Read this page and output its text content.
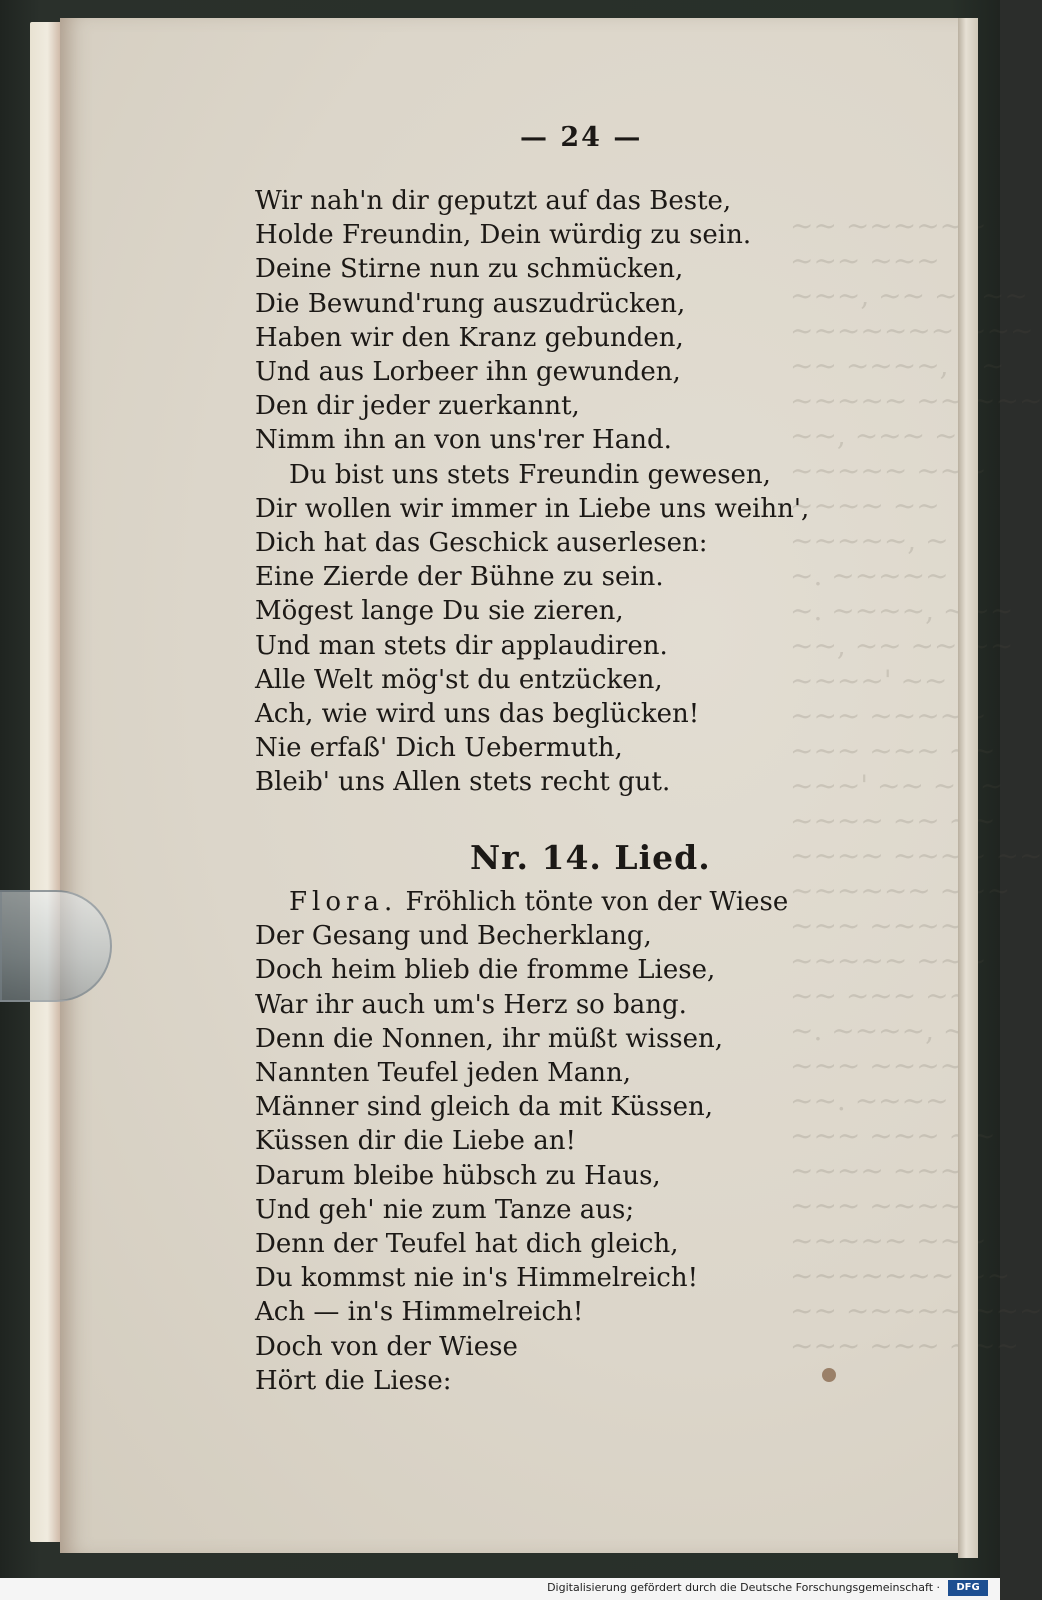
~~ ~~~~~~
~~~ ~~~
~~~, ~~ ~~~~
~~~~~~~ ~~~
~~ ~~~~, ~~
~~~~~ ~~ ~~~
~~, ~~~ ~~
~~~~~ ~~~
~~~~ ~~
~~~~~, ~
~. ~~~~~
~. ~~~~, ~~~
~~, ~~ ~~ ~~
~~~~' ~~
~~~ ~~~~~
~~~ ~~~ ~~
~~~' ~~ ~~~
~~~~ ~~ ~~
~~~~ ~~~~ ~~
~~~~~~ ~~~
~~~ ~~~~
~~~~~ ~~~
~~ ~~~ ~~
~. ~~~~, ~
~~~ ~~~~
~~. ~~~~
~~~ ~~~ ~~
~~~~ ~~~
~~~ ~~~~
~~~~~ ~~~
~~~~~~~ ~~
~~ ~~~~~ ~~~
~~~ ~~~ ~~~
— 24 —
Wir nah'n dir geputzt auf das Beste,
Holde Freundin, Dein würdig zu sein.
Deine Stirne nun zu schmücken,
Die Bewund'rung auszudrücken,
Haben wir den Kranz gebunden,
Und aus Lorbeer ihn gewunden,
Den dir jeder zuerkannt,
Nimm ihn an von uns'rer Hand.
Du bist uns stets Freundin gewesen,
Dir wollen wir immer in Liebe uns weihn',
Dich hat das Geschick auserlesen:
Eine Zierde der Bühne zu sein.
Mögest lange Du sie zieren,
Und man stets dir applaudiren.
Alle Welt mög'st du entzücken,
Ach, wie wird uns das beglücken!
Nie erfaß' Dich Uebermuth,
Bleib' uns Allen stets recht gut.
Nr. 14. Lied.
Flora. Fröhlich tönte von der Wiese
Der Gesang und Becherklang,
Doch heim blieb die fromme Liese,
War ihr auch um's Herz so bang.
Denn die Nonnen, ihr müßt wissen,
Nannten Teufel jeden Mann,
Männer sind gleich da mit Küssen,
Küssen dir die Liebe an!
Darum bleibe hübsch zu Haus,
Und geh' nie zum Tanze aus;
Denn der Teufel hat dich gleich,
Du kommst nie in's Himmelreich!
Ach — in's Himmelreich!
Doch von der Wiese
Hört die Liese:
Digitalisierung gefördert durch die Deutsche Forschungsgemeinschaft ·	DFG
